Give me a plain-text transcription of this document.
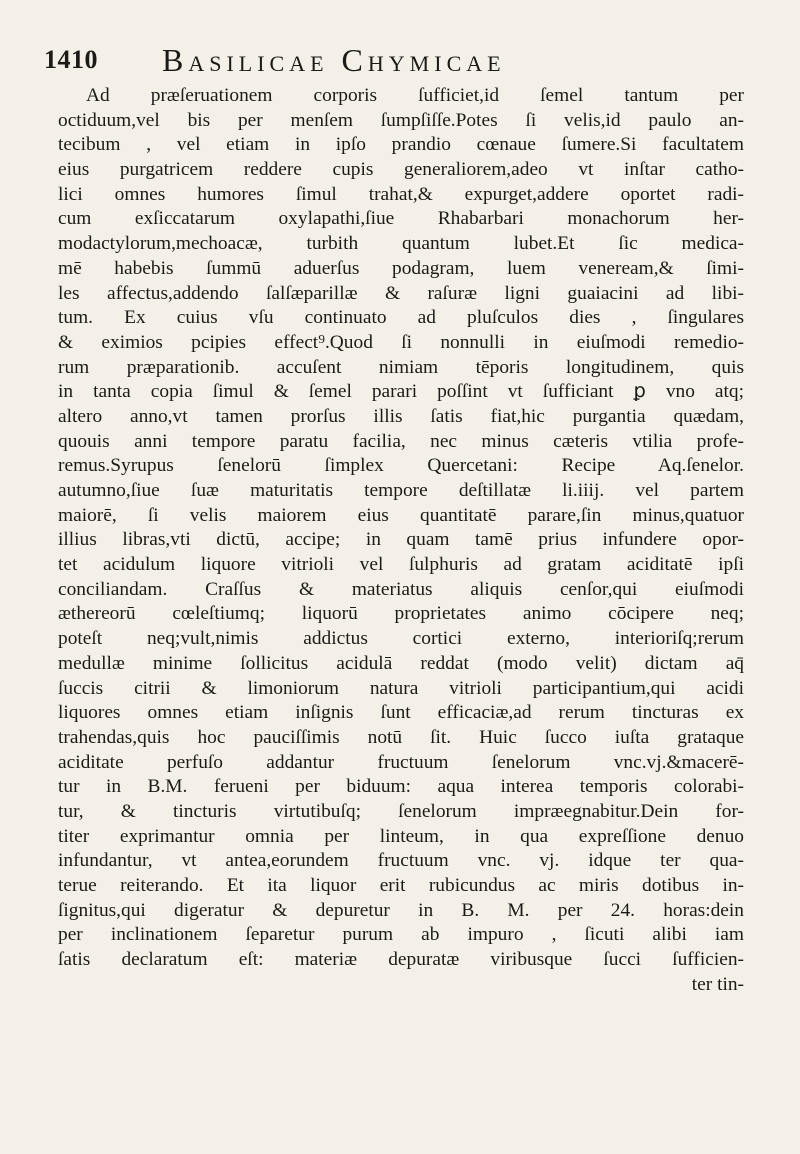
1410 Basilicae Chymicae
Ad præſeruationem corporis ſufficiet,id ſemel tantum per
octiduum,vel bis per menſem ſumpſiſſe.Potes ſi velis,id paulo an-
tecibum , vel etiam in ipſo prandio cœnaue ſumere.Si facultatem
eius purgatricem reddere cupis generaliorem,adeo vt inſtar catho-
lici omnes humores ſimul trahat,& expurget,addere oportet radi-
cum exſiccatarum oxylapathi,ſiue Rhabarbari monachorum her-
modactylorum,mechoacæ, turbith quantum lubet.Et ſic medica-
mē habebis ſummū aduerſus podagram, luem veneream,& ſimi-
les affectus,addendo ſalſæparillæ & raſuræ ligni guaiacini ad libi-
tum. Ex cuius vſu continuato ad pluſculos dies , ſingulares
& eximios pcipies effect⁹.Quod ſi nonnulli in eiuſmodi remedio-
rum præparationib. accuſent nimiam tēporis longitudinem, quis
in tanta copia ſimul & ſemel parari poſſint vt ſufficiant ꝑ vno atq;
altero anno,vt tamen prorſus illis ſatis fiat,hic purgantia quædam,
quouis anni tempore paratu facilia, nec minus cæteris vtilia profe-
remus.Syrupus ſenelorū ſimplex Quercetani: Recipe Aq.ſenelor.
autumno,ſiue ſuæ maturitatis tempore deſtillatæ li.iiij. vel partem
maiorē, ſi velis maiorem eius quantitatē parare,ſin minus,quatuor
illius libras,vti dictū, accipe; in quam tamē prius infundere opor-
tet acidulum liquore vitrioli vel ſulphuris ad gratam aciditatē ipſi
conciliandam. Craſſus & materiatus aliquis cenſor,qui eiuſmodi
æthereorū cœleſtiumq; liquorū proprietates animo cōcipere neq;
poteſt neq;vult,nimis addictus cortici externo, interioriſq;rerum
medullæ minime ſollicitus acidulā reddat (modo velit) dictam aq̄
ſuccis citrii & limoniorum natura vitrioli participantium,qui acidi
liquores omnes etiam inſignis ſunt efficaciæ,ad rerum tincturas ex
trahendas,quis hoc pauciſſimis notū ſit. Huic ſucco iuſta grataque
aciditate perfuſo addantur fructuum ſenelorum vnc.vj.&macerē-
tur in B.M. ferueni per biduum: aqua interea temporis colorabi-
tur, & tincturis virtutibuſq; ſenelorum impræegnabitur.Dein for-
titer exprimantur omnia per linteum, in qua expreſſione denuo
infundantur, vt antea,eorundem fructuum vnc. vj. idque ter qua-
terue reiterando. Et ita liquor erit rubicundus ac miris dotibus in-
ſignitus,qui digeratur & depuretur in B. M. per 24. horas:dein
per inclinationem ſeparetur purum ab impuro , ſicuti alibi iam
ſatis declaratum eſt: materiæ depuratæ viribusque ſucci ſufficien-
ter tin-
